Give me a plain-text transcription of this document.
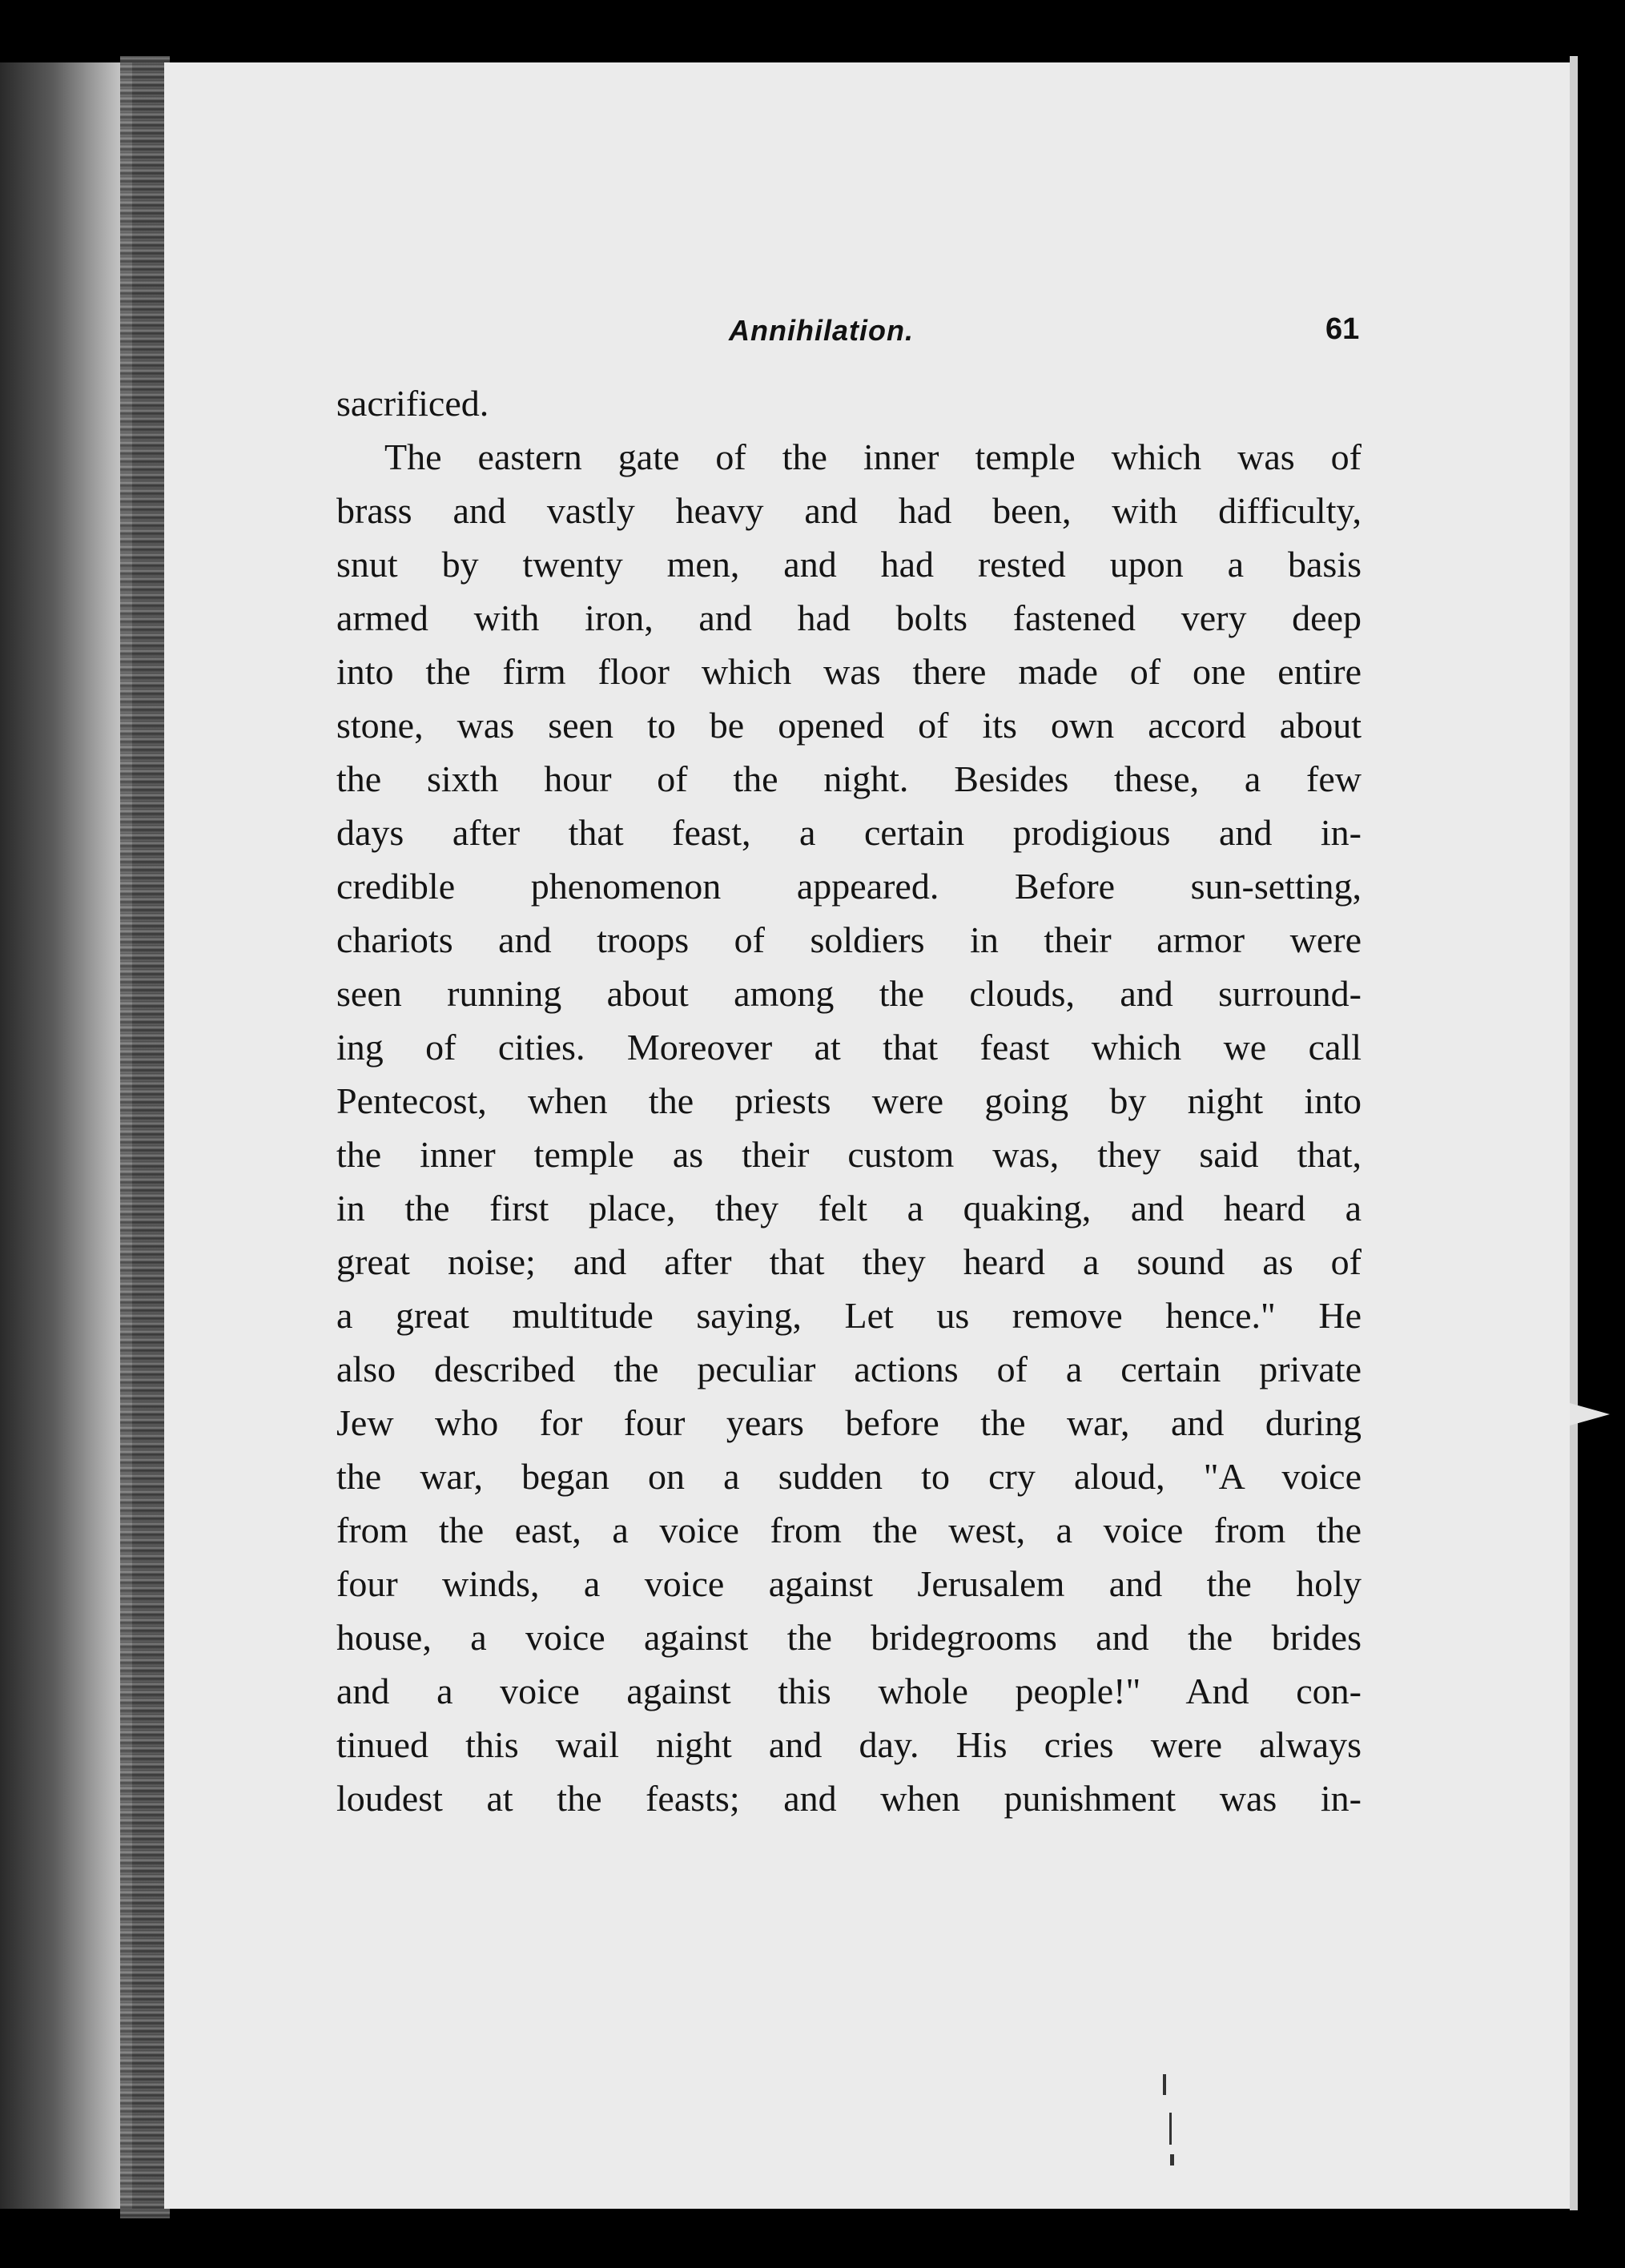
Annihilation.	61
sacrificed.
The eastern gate of the inner temple which was of
brass and vastly heavy and had been, with difficulty,
snut by twenty men, and had rested upon a basis
armed with iron, and had bolts fastened very deep
into the firm floor which was there made of one entire
stone, was seen to be opened of its own accord about
the sixth hour of the night. Besides these, a few
days after that feast, a certain prodigious and in-
credible phenomenon appeared. Before sun-setting,
chariots and troops of soldiers in their armor were
seen running about among the clouds, and surround-
ing of cities. Moreover at that feast which we call
Pentecost, when the priests were going by night into
the inner temple as their custom was, they said that,
in the first place, they felt a quaking, and heard a
great noise; and after that they heard a sound as of
a great multitude saying, Let us remove hence." He
also described the peculiar actions of a certain private
Jew who for four years before the war, and during
the war, began on a sudden to cry aloud, "A voice
from the east, a voice from the west, a voice from the
four winds, a voice against Jerusalem and the holy
house, a voice against the bridegrooms and the brides
and a voice against this whole people!" And con-
tinued this wail night and day. His cries were always
loudest at the feasts; and when punishment was in-
